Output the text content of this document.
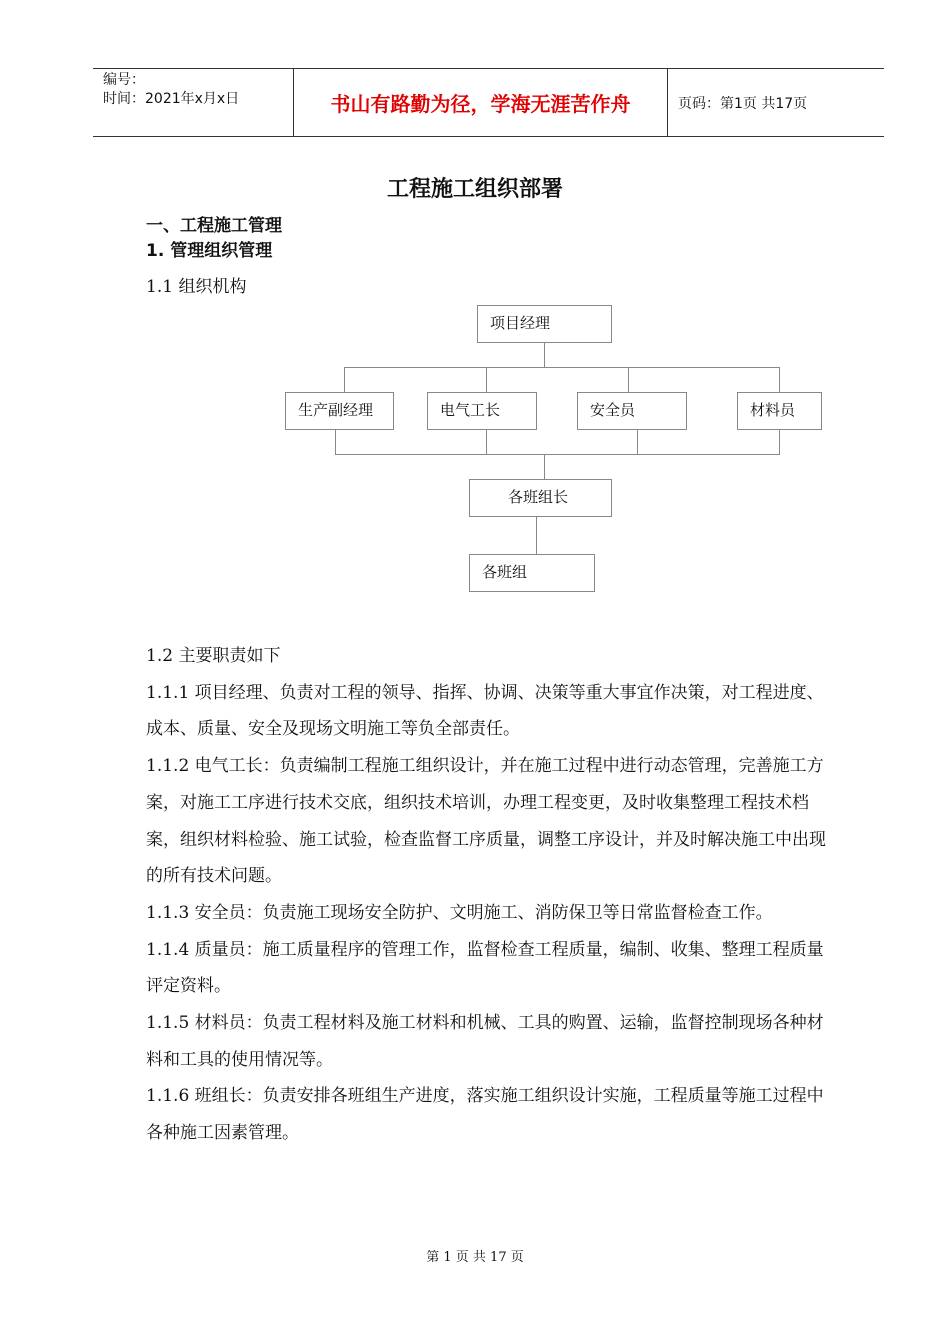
编号：
时间：2021年x月x日	书山有路勤为径，学海无涯苦作舟	页码：第1页 共17页
工程施工组织部署
一、工程施工管理
1. 管理组织管理
1.1 组织机构
项目经理
生产副经理	电气工长	安全员	材料员
各班组长
各班组

1.2 主要职责如下

1.1.1 项目经理、负责对工程的领导、指挥、协调、决策等重大事宜作决策，对工程进度、成本、质量、安全及现场文明施工等负全部责任。

1.1.2 电气工长：负责编制工程施工组织设计，并在施工过程中进行动态管理，完善施工方案，对施工工序进行技术交底，组织技术培训，办理工程变更，及时收集整理工程技术档案，组织材料检验、施工试验，检查监督工序质量，调整工序设计，并及时解决施工中出现的所有技术问题。

1.1.3 安全员：负责施工现场安全防护、文明施工、消防保卫等日常监督检查工作。

1.1.4 质量员：施工质量程序的管理工作，监督检查工程质量，编制、收集、整理工程质量评定资料。

1.1.5 材料员：负责工程材料及施工材料和机械、工具的购置、运输，监督控制现场各种材料和工具的使用情况等。

1.1.6 班组长：负责安排各班组生产进度，落实施工组织设计实施，工程质量等施工过程中各种施工因素管理。

第 1 页 共 17 页
